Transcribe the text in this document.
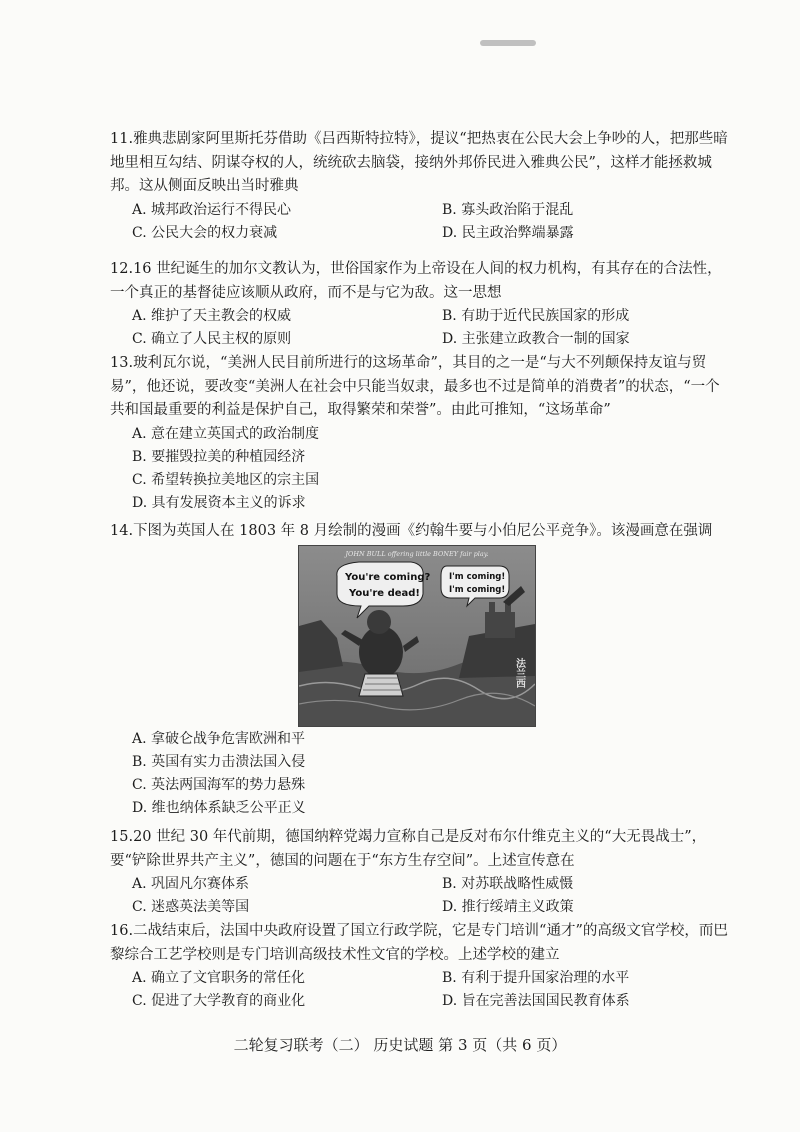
11.雅典悲剧家阿里斯托芬借助《吕西斯特拉特》，提议“把热衷在公民大会上争吵的人，把那些暗地里相互勾结、阴谋夺权的人，统统砍去脑袋，接纳外邦侨民进入雅典公民”，这样才能拯救城邦。这从侧面反映出当时雅典

A. 城邦政治运行不得民心	B. 寡头政治陷于混乱
C. 公民大会的权力衰减	D. 民主政治弊端暴露

12.16 世纪诞生的加尔文教认为，世俗国家作为上帝设在人间的权力机构，有其存在的合法性，一个真正的基督徒应该顺从政府，而不是与它为敌。这一思想

A. 维护了天主教会的权威	B. 有助于近代民族国家的形成
C. 确立了人民主权的原则	D. 主张建立政教合一制的国家

13.玻利瓦尔说，“美洲人民目前所进行的这场革命”，其目的之一是“与大不列颠保持友谊与贸易”，他还说，要改变“美洲人在社会中只能当奴隶，最多也不过是简单的消费者”的状态，“一个共和国最重要的利益是保护自己，取得繁荣和荣誉”。由此可推知，“这场革命”

A. 意在建立英国式的政治制度
B. 要摧毁拉美的种植园经济
C. 希望转换拉美地区的宗主国
D. 具有发展资本主义的诉求

14.下图为英国人在 1803 年 8 月绘制的漫画《约翰牛要与小伯尼公平竞争》。该漫画意在强调

JOHN BULL offering little BONEY fair play.
You're coming?
You're dead!
I'm coming!
I'm coming!
法兰西
A. 拿破仑战争危害欧洲和平
B. 英国有实力击溃法国入侵
C. 英法两国海军的势力悬殊
D. 维也纳体系缺乏公平正义

15.20 世纪 30 年代前期，德国纳粹党竭力宣称自己是反对布尔什维克主义的“大无畏战士”，要“铲除世界共产主义”，德国的问题在于“东方生存空间”。上述宣传意在

A. 巩固凡尔赛体系	B. 对苏联战略性威慑
C. 迷惑英法美等国	D. 推行绥靖主义政策

16.二战结束后，法国中央政府设置了国立行政学院，它是专门培训“通才”的高级文官学校，而巴黎综合工艺学校则是专门培训高级技术性文官的学校。上述学校的建立

A. 确立了文官职务的常任化	B. 有利于提升国家治理的水平
C. 促进了大学教育的商业化	D. 旨在完善法国国民教育体系
二轮复习联考（二） 历史试题 第 3 页（共 6 页）
